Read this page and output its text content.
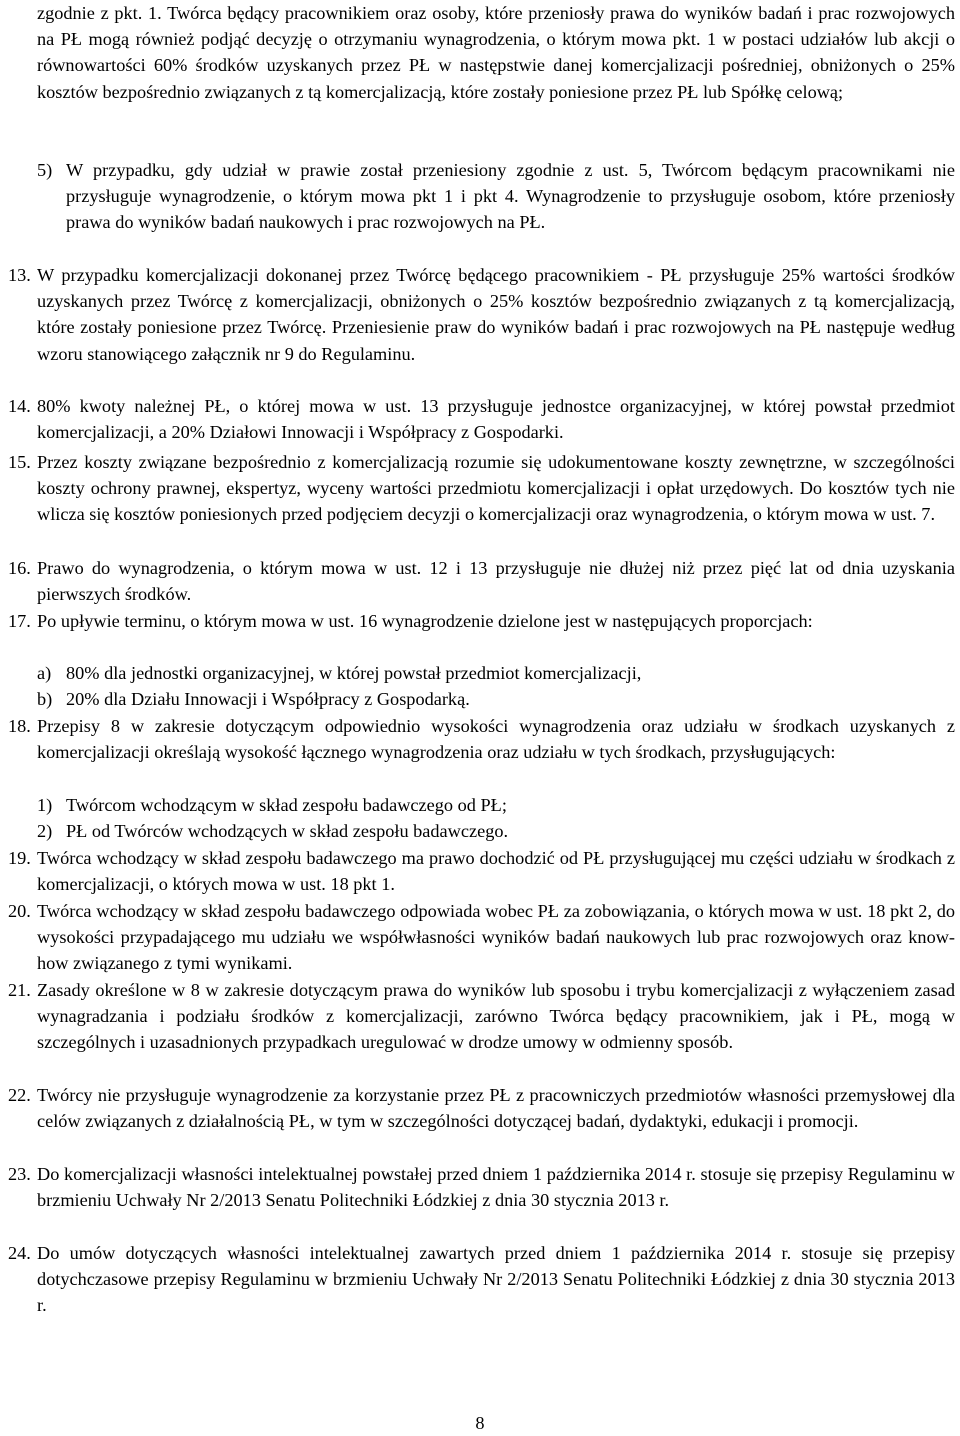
zgodnie z pkt. 1. Twórca będący pracownikiem oraz osoby, które przeniosły prawa do wyników badań i prac rozwojowych na PŁ mogą również podjąć decyzję o otrzymaniu wynagrodzenia, o którym mowa pkt. 1 w postaci udziałów lub akcji o równowartości 60% środków uzyskanych przez PŁ w następstwie danej komercjalizacji pośredniej, obniżonych o 25% kosztów bezpośrednio związanych z tą komercjalizacją, które zostały poniesione przez PŁ lub Spółkę celową;
5) W przypadku, gdy udział w prawie został przeniesiony zgodnie z ust. 5, Twórcom będącym pracownikami nie przysługuje wynagrodzenie, o którym mowa pkt 1 i pkt 4. Wynagrodzenie to przysługuje osobom, które przeniosły prawa do wyników badań naukowych i prac rozwojowych na PŁ.
13. W przypadku komercjalizacji dokonanej przez Twórcę będącego pracownikiem - PŁ przysługuje 25% wartości środków uzyskanych przez Twórcę z komercjalizacji, obniżonych o 25% kosztów bezpośrednio związanych z tą komercjalizacją, które zostały poniesione przez Twórcę. Przeniesienie praw do wyników badań i prac rozwojowych na PŁ następuje według wzoru stanowiącego załącznik nr 9 do Regulaminu.
14. 80% kwoty należnej PŁ, o której mowa w ust. 13 przysługuje jednostce organizacyjnej, w której powstał przedmiot komercjalizacji, a 20% Działowi Innowacji i Współpracy z Gospodarki.
15. Przez koszty związane bezpośrednio z komercjalizacją rozumie się udokumentowane koszty zewnętrzne, w szczególności koszty ochrony prawnej, ekspertyz, wyceny wartości przedmiotu komercjalizacji i opłat urzędowych. Do kosztów tych nie wlicza się kosztów poniesionych przed podjęciem decyzji o komercjalizacji oraz wynagrodzenia, o którym mowa w ust. 7.
16. Prawo do wynagrodzenia, o którym mowa w ust. 12 i 13 przysługuje nie dłużej niż przez pięć lat od dnia uzyskania pierwszych środków.
17. Po upływie terminu, o którym mowa w ust. 16 wynagrodzenie dzielone jest w następujących proporcjach:
a) 80% dla jednostki organizacyjnej, w której powstał przedmiot komercjalizacji,
b) 20% dla Działu Innowacji i Współpracy z Gospodarką.
18. Przepisy 8 w zakresie dotyczącym odpowiednio wysokości wynagrodzenia oraz udziału w środkach uzyskanych z komercjalizacji określają wysokość łącznego wynagrodzenia oraz udziału w tych środkach, przysługujących:
1) Twórcom wchodzącym w skład zespołu badawczego od PŁ;
2) PŁ od Twórców wchodzących w skład zespołu badawczego.
19. Twórca wchodzący w skład zespołu badawczego ma prawo dochodzić od PŁ przysługującej mu części udziału w środkach z komercjalizacji, o których mowa w ust. 18 pkt 1.
20. Twórca wchodzący w skład zespołu badawczego odpowiada wobec PŁ za zobowiązania, o których mowa w ust. 18 pkt 2, do wysokości przypadającego mu udziału we współwłasności wyników badań naukowych lub prac rozwojowych oraz know-how związanego z tymi wynikami.
21. Zasady określone w 8 w zakresie dotyczącym prawa do wyników lub sposobu i trybu komercjalizacji z wyłączeniem zasad wynagradzania i podziału środków z komercjalizacji, zarówno Twórca będący pracownikiem, jak i PŁ, mogą w szczególnych i uzasadnionych przypadkach uregulować w drodze umowy w odmienny sposób.
22. Twórcy nie przysługuje wynagrodzenie za korzystanie przez PŁ z pracowniczych przedmiotów własności przemysłowej dla celów związanych z działalnością PŁ, w tym w szczególności dotyczącej badań, dydaktyki, edukacji i promocji.
23. Do komercjalizacji własności intelektualnej powstałej przed dniem 1 października 2014 r. stosuje się przepisy Regulaminu w brzmieniu Uchwały Nr 2/2013 Senatu Politechniki Łódzkiej z dnia 30 stycznia 2013 r.
24. Do umów dotyczących własności intelektualnej zawartych przed dniem 1 października 2014 r. stosuje się przepisy dotychczasowe przepisy Regulaminu w brzmieniu Uchwały Nr 2/2013 Senatu Politechniki Łódzkiej z dnia 30 stycznia 2013 r.
8
